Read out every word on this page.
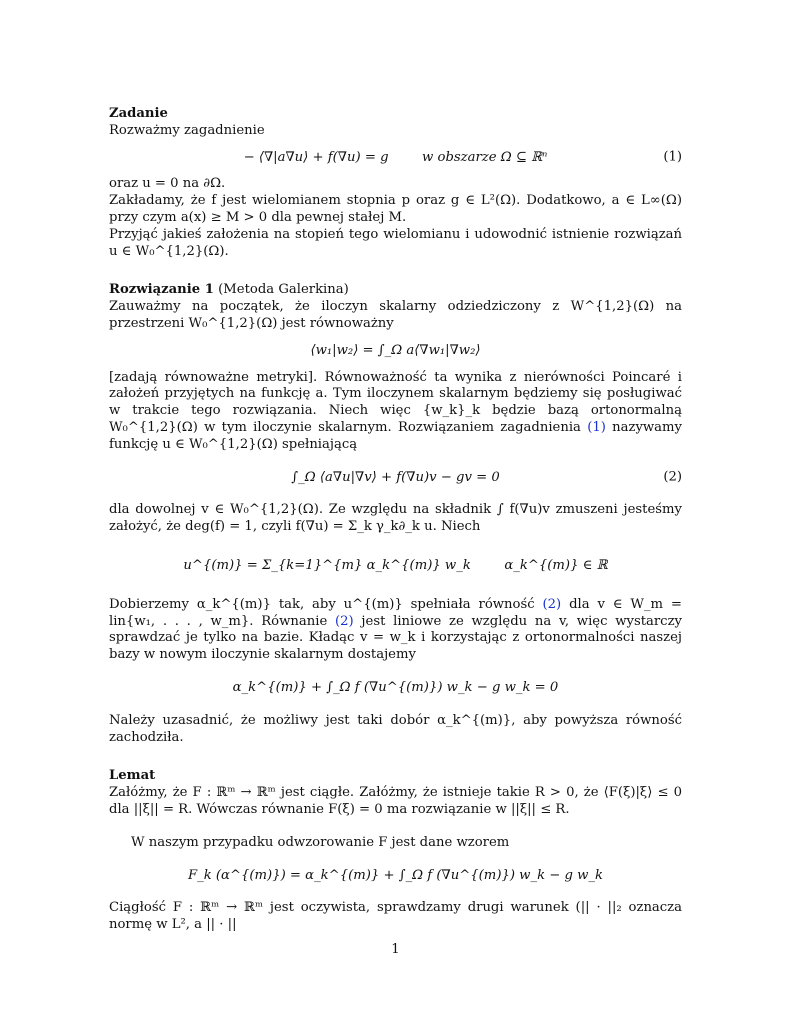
Zadanie

Rozważmy zagadnienie

− ⟨∇|a∇u⟩ + f(∇u) = g        w obszarze Ω ⊆ ℝⁿ	(1)

oraz u = 0 na ∂Ω.

Zakładamy, że f jest wielomianem stopnia p oraz g ∈ L²(Ω). Dodatkowo, a ∈ L∞(Ω) przy czym a(x) ≥ M > 0 dla pewnej stałej M.

Przyjąć jakieś założenia na stopień tego wielomianu i udowodnić istnienie rozwiązań u ∈ W₀^{1,2}(Ω).

Rozwiązanie 1 (Metoda Galerkina)

Zauważmy na początek, że iloczyn skalarny odziedziczony z W^{1,2}(Ω) na przestrzeni W₀^{1,2}(Ω) jest równoważny

⟨w₁|w₂⟩ = ∫_Ω a⟨∇w₁|∇w₂⟩

[zadają równoważne metryki]. Równoważność ta wynika z nierówności Poincaré i założeń przyjętych na funkcję a. Tym iloczynem skalarnym będziemy się posługiwać w trakcie tego rozwiązania. Niech więc {w_k}_k będzie bazą ortonormalną W₀^{1,2}(Ω) w tym iloczynie skalarnym. Rozwiązaniem zagadnienia (1) nazywamy funkcję u ∈ W₀^{1,2}(Ω) spełniającą

∫_Ω ⟨a∇u|∇v⟩ + f(∇u)v − gv = 0	(2)

dla dowolnej v ∈ W₀^{1,2}(Ω). Ze względu na składnik ∫ f(∇u)v zmuszeni jesteśmy założyć, że deg(f) = 1, czyli f(∇u) = Σ_k γ_k∂_k u. Niech

u^{(m)} = Σ_{k=1}^{m} α_k^{(m)} w_k        α_k^{(m)} ∈ ℝ

Dobierzemy α_k^{(m)} tak, aby u^{(m)} spełniała równość (2) dla v ∈ W_m = lin{w₁, . . . , w_m}. Równanie (2) jest liniowe ze względu na v, więc wystarczy sprawdzać je tylko na bazie. Kładąc v = w_k i korzystając z ortonormalności naszej bazy w nowym iloczynie skalarnym dostajemy

α_k^{(m)} + ∫_Ω f (∇u^{(m)}) w_k − g w_k = 0

Należy uzasadnić, że możliwy jest taki dobór α_k^{(m)}, aby powyższa równość zachodziła.

Lemat

Załóżmy, że F : ℝᵐ → ℝᵐ jest ciągłe. Załóżmy, że istnieje takie R > 0, że ⟨F(ξ)|ξ⟩ ≤ 0 dla ||ξ|| = R. Wówczas równanie F(ξ) = 0 ma rozwiązanie w ||ξ|| ≤ R.

W naszym przypadku odwzorowanie F jest dane wzorem

F_k (α^{(m)}) = α_k^{(m)} + ∫_Ω f (∇u^{(m)}) w_k − g w_k

Ciągłość F : ℝᵐ → ℝᵐ jest oczywista, sprawdzamy drugi warunek (|| · ||₂ oznacza normę w L², a || · ||

1
